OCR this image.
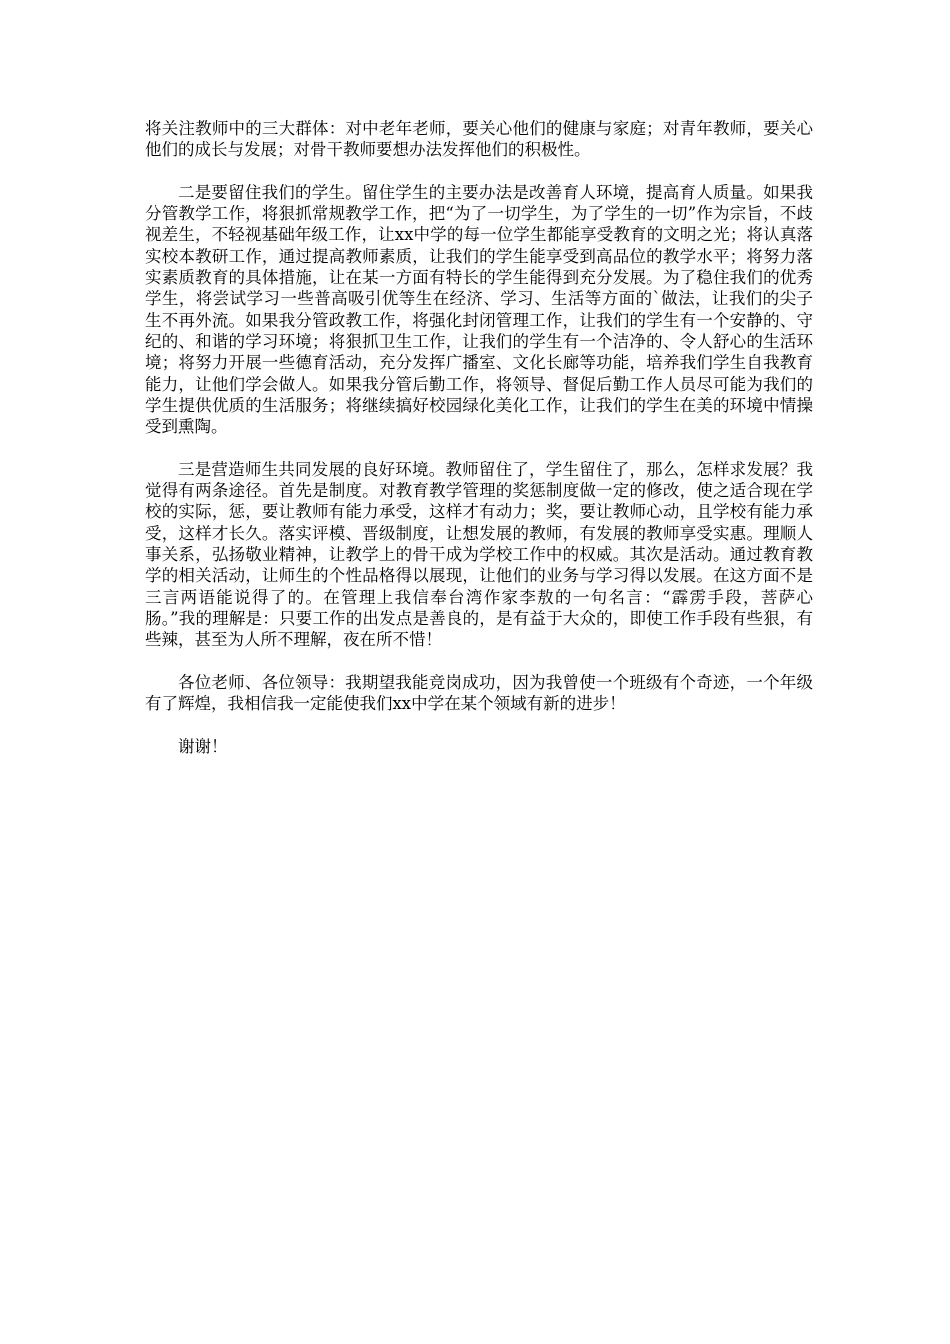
将关注教师中的三大群体：对中老年老师，要关心他们的健康与家庭；对青年教师，要关心他们的成长与发展；对骨干教师要想办法发挥他们的积极性。

二是要留住我们的学生。留住学生的主要办法是改善育人环境，提高育人质量。如果我分管教学工作，将狠抓常规教学工作，把“为了一切学生，为了学生的一切”作为宗旨，不歧视差生，不轻视基础年级工作，让xx中学的每一位学生都能享受教育的文明之光；将认真落实校本教研工作，通过提高教师素质，让我们的学生能享受到高品位的教学水平；将努力落实素质教育的具体措施，让在某一方面有特长的学生能得到充分发展。为了稳住我们的优秀学生，将尝试学习一些普高吸引优等生在经济、学习、生活等方面的`做法，让我们的尖子生不再外流。如果我分管政教工作，将强化封闭管理工作，让我们的学生有一个安静的、守纪的、和谐的学习环境；将狠抓卫生工作，让我们的学生有一个洁净的、令人舒心的生活环境；将努力开展一些德育活动，充分发挥广播室、文化长廊等功能，培养我们学生自我教育能力，让他们学会做人。如果我分管后勤工作，将领导、督促后勤工作人员尽可能为我们的学生提供优质的生活服务；将继续搞好校园绿化美化工作，让我们的学生在美的环境中情操受到熏陶。

三是营造师生共同发展的良好环境。教师留住了，学生留住了，那么，怎样求发展？我觉得有两条途径。首先是制度。对教育教学管理的奖惩制度做一定的修改，使之适合现在学校的实际，惩，要让教师有能力承受，这样才有动力；奖，要让教师心动，且学校有能力承受，这样才长久。落实评模、晋级制度，让想发展的教师，有发展的教师享受实惠。理顺人事关系，弘扬敬业精神，让教学上的骨干成为学校工作中的权威。其次是活动。通过教育教学的相关活动，让师生的个性品格得以展现，让他们的业务与学习得以发展。在这方面不是三言两语能说得了的。在管理上我信奉台湾作家李敖的一句名言：“霹雳手段，菩萨心肠。”我的理解是：只要工作的出发点是善良的，是有益于大众的，即使工作手段有些狠，有些辣，甚至为人所不理解，夜在所不惜！

各位老师、各位领导：我期望我能竞岗成功，因为我曾使一个班级有个奇迹，一个年级有了辉煌，我相信我一定能使我们xx中学在某个领域有新的进步！

谢谢！
